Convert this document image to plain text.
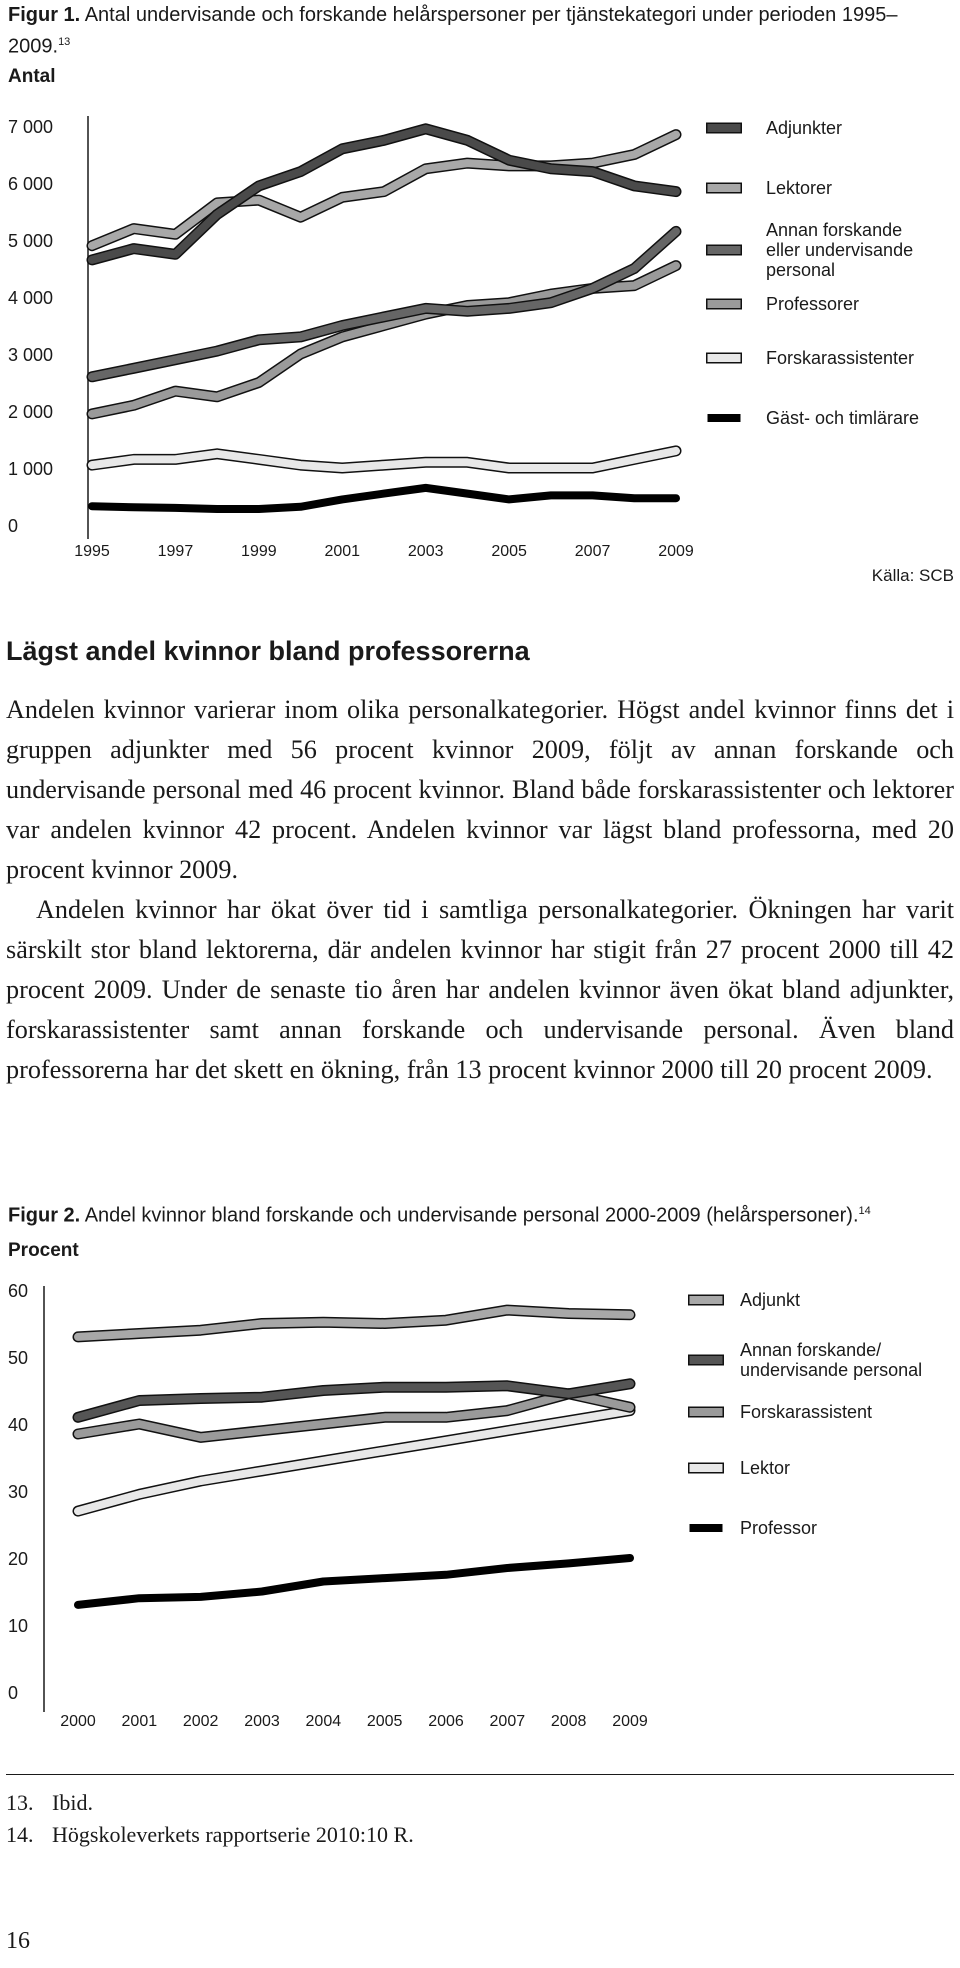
Figur 1. Antal undervisande och forskande helårspersoner per tjänstekategori under perioden 1995–2009.13
Antal
0
1 000
2 000
3 000
4 000
5 000
6 000
7 000
1995	1997	1999	2001	2003	2005	2007	2009
Adjunkter
Lektorer
Annan forskande
eller undervisande
personal
Professorer
Forskarassistenter
Gäst- och timlärare
Källa: SCB
Lägst andel kvinnor bland professorerna

Andelen kvinnor varierar inom olika personalkategorier. Högst andel kvinnor finns det i gruppen adjunkter med 56 procent kvinnor 2009, följt av annan forskande och undervisande personal med 46 procent kvinnor. Bland både forskarassistenter och lektorer var andelen kvinnor 42 procent. Andelen kvinnor var lägst bland professorna, med 20 procent kvinnor 2009.

Andelen kvinnor har ökat över tid i samtliga personalkategorier. Ökningen har varit särskilt stor bland lektorerna, där andelen kvinnor har stigit från 27 procent 2000 till 42 procent 2009. Under de senaste tio åren har andelen kvinnor även ökat bland adjunkter, forskarassistenter samt annan forskande och undervisande personal. Även bland professorerna har det skett en ökning, från 13 procent kvinnor 2000 till 20 procent 2009.

Figur 2. Andel kvinnor bland forskande och undervisande personal 2000-2009 (helårspersoner).$^{14}$
Procent
0
10
20
30
40
50
60
2000 2001 2002 2003 2004 2005 2006 2007 2008 2009
Adjunkt
Annan forskande/
undervisande personal
Forskarassistent
Lektor
Professor
13. Ibid.
14. Högskoleverkets rapportserie 2010:10 R.
16
